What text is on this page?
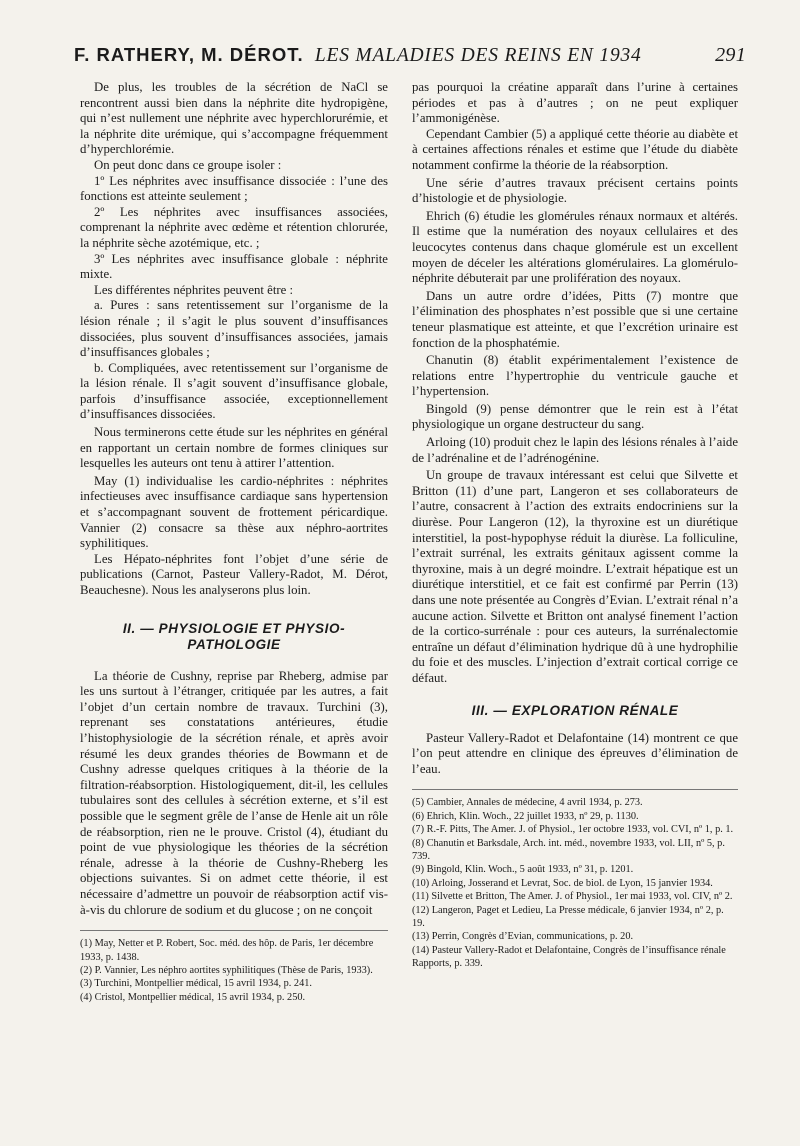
F. RATHERY, M. DÉROT. LES MALADIES DES REINS EN 1934	291

De plus, les troubles de la sécrétion de NaCl se rencontrent aussi bien dans la néphrite dite hydropigène, qui n’est nullement une néphrite avec hyperchlorurémie, et la néphrite dite urémique, qui s’accompagne fréquemment d’hyperchlorémie.

On peut donc dans ce groupe isoler :

1º Les néphrites avec insuffisance dissociée : l’une des fonctions est atteinte seulement ;

2º Les néphrites avec insuffisances associées, comprenant la néphrite avec œdème et rétention chlorurée, la néphrite sèche azotémique, etc. ;

3º Les néphrites avec insuffisance globale : néphrite mixte.

Les différentes néphrites peuvent être :

a. Pures : sans retentissement sur l’organisme de la lésion rénale ; il s’agit le plus souvent d’insuffisances dissociées, plus souvent d’insuffisances associées, jamais d’insuffisances globales ;

b. Compliquées, avec retentissement sur l’organisme de la lésion rénale. Il s’agit souvent d’insuffisance globale, parfois d’insuffisance associée, exceptionnellement d’insuffisances dissociées.

Nous terminerons cette étude sur les néphrites en général en rapportant un certain nombre de formes cliniques sur lesquelles les auteurs ont tenu à attirer l’attention.

May (1) individualise les cardio-néphrites : néphrites infectieuses avec insuffisance cardiaque sans hypertension et s’accompagnant souvent de frottement péricardique. Vannier (2) consacre sa thèse aux néphro-aortrites syphilitiques.

Les Hépato-néphrites font l’objet d’une série de publications (Carnot, Pasteur Vallery-Radot, M. Dérot, Beauchesne). Nous les analyserons plus loin.

II. — PHYSIOLOGIE ET PHYSIO-PATHOLOGIE

La théorie de Cushny, reprise par Rheberg, admise par les uns surtout à l’étranger, critiquée par les autres, a fait l’objet d’un certain nombre de travaux. Turchini (3), reprenant ses constatations antérieures, étudie l’histophysiologie de la sécrétion rénale, et après avoir résumé les deux grandes théories de Bowmann et de Cushny adresse quelques critiques à la théorie de la filtration-réabsorption. Histologiquement, dit-il, les cellules tubulaires sont des cellules à sécrétion externe, et s’il est possible que le segment grêle de l’anse de Henle ait un rôle de réabsorption, rien ne le prouve. Cristol (4), étudiant du point de vue physiologique les théories de la sécrétion rénale, adresse à la théorie de Cushny-Rheberg les objections suivantes. Si on admet cette théorie, il est nécessaire d’admettre un pouvoir de réabsorption actif vis-à-vis du chlorure de sodium et du glucose ; on ne conçoit

(1) May, Netter et P. Robert, Soc. méd. des hôp. de Paris, 1er décembre 1933, p. 1438.

(2) P. Vannier, Les néphro aortites syphilitiques (Thèse de Paris, 1933).

(3) Turchini, Montpellier médical, 15 avril 1934, p. 241.

(4) Cristol, Montpellier médical, 15 avril 1934, p. 250.

pas pourquoi la créatine apparaît dans l’urine à certaines périodes et pas à d’autres ; on ne peut expliquer l’ammonigénèse.

Cependant Cambier (5) a appliqué cette théorie au diabète et à certaines affections rénales et estime que l’étude du diabète notamment confirme la théorie de la réabsorption.

Une série d’autres travaux précisent certains points d’histologie et de physiologie.

Ehrich (6) étudie les glomérules rénaux normaux et altérés. Il estime que la numération des noyaux cellulaires et des leucocytes contenus dans chaque glomérule est un excellent moyen de déceler les altérations glomérulaires. La glomérulo-néphrite débuterait par une prolifération des noyaux.

Dans un autre ordre d’idées, Pitts (7) montre que l’élimination des phosphates n’est possible que si une certaine teneur plasmatique est atteinte, et que l’excrétion urinaire est fonction de la phosphatémie.

Chanutin (8) établit expérimentalement l’existence de relations entre l’hypertrophie du ventricule gauche et l’hypertension.

Bingold (9) pense démontrer que le rein est à l’état physiologique un organe destructeur du sang.

Arloing (10) produit chez le lapin des lésions rénales à l’aide de l’adrénaline et de l’adrénogénine.

Un groupe de travaux intéressant est celui que Silvette et Britton (11) d’une part, Langeron et ses collaborateurs de l’autre, consacrent à l’action des extraits endocriniens sur la diurèse. Pour Langeron (12), la thyroxine est un diurétique interstitiel, la post-hypophyse réduit la diurèse. La folliculine, l’extrait surrénal, les extraits génitaux agissent comme la thyroxine, mais à un degré moindre. L’extrait hépatique est un diurétique interstitiel, et ce fait est confirmé par Perrin (13) dans une note présentée au Congrès d’Evian. L’extrait rénal n’a aucune action. Silvette et Britton ont analysé finement l’action de la cortico-surrénale : pour ces auteurs, la surrénalectomie entraîne un défaut d’élimination hydrique dû à une hydrophilie du foie et des muscles. L’injection d’extrait cortical corrige ce défaut.

III. — EXPLORATION RÉNALE

Pasteur Vallery-Radot et Delafontaine (14) montrent ce que l’on peut attendre en clinique des épreuves d’élimination de l’eau.

(5) Cambier, Annales de médecine, 4 avril 1934, p. 273.

(6) Ehrich, Klin. Woch., 22 juillet 1933, nº 29, p. 1130.

(7) R.-F. Pitts, The Amer. J. of Physiol., 1er octobre 1933, vol. CVI, nº 1, p. 1.

(8) Chanutin et Barksdale, Arch. int. méd., novembre 1933, vol. LII, nº 5, p. 739.

(9) Bingold, Klin. Woch., 5 août 1933, nº 31, p. 1201.

(10) Arloing, Josserand et Levrat, Soc. de biol. de Lyon, 15 janvier 1934.

(11) Silvette et Britton, The Amer. J. of Physiol., 1er mai 1933, vol. CIV, nº 2.

(12) Langeron, Paget et Ledieu, La Presse médicale, 6 janvier 1934, nº 2, p. 19.

(13) Perrin, Congrès d’Evian, communications, p. 20.

(14) Pasteur Vallery-Radot et Delafontaine, Congrès de l’insuffisance rénale Rapports, p. 339.
